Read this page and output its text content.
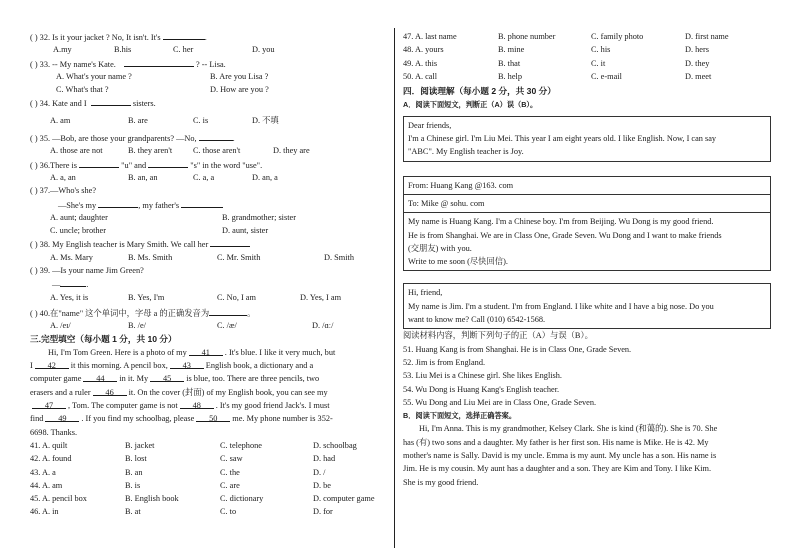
( ) 32. Is it your jacket ? No, It isn't. It's	.
A.my	B.his	C. her	D. you
( ) 33. -- My name's Kate.	? -- Lisa.
A. What's your name ?	B. Are you Lisa ?
C. What's that ?	D. How are you ?
( ) 34. Kate and I	sisters.
A. am	B. are	C. is	D. 不填
( ) 35. —Bob, are those your grandparents? —No,	.
A. those are not	B. they aren't	C. those aren't	D. they are
( ) 36.There is	"u" and	"s" in the word "use".
A. a, an	B. an, an	C. a, a	D. an, a
( ) 37.—Who's she?
—She's my	, my father's
A. aunt; daughter	B. grandmother; sister
C. uncle; brother	D. aunt, sister
( ) 38. My English teacher is Mary Smith. We call her
A. Ms. Mary	B. Ms. Smith	C. Mr. Smith	D. Smith
( ) 39. —Is your name Jim Green?
—	.
A. Yes, it is	B. Yes, I'm	C. No, I am	D. Yes, I am
( ) 40.在"name" 这个单词中，字母 a 的正确发音为	。
A. /eɪ/	B. /e/	C. /æ/	D. /ɑː/
三.完型填空（每小题 1 分，共 10 分）
Hi, I'm Tom Green. Here is a photo of my 41 . It's blue. I like it very much, but
I 42 it this morning. A pencil box, 43 English book, a dictionary and a
computer game 44 in it. My 45 is blue, too. There are three pencils, two
erasers and a ruler 46 it. On the cover (封面) of my English book, you can see my
47 , Tom. The computer game is not 48 . It's my good friend Jack's. I must
find 49 . If you find my schoolbag, please 50 me. My phone number is 352-
6698. Thanks.
41. A. quilt	B. jacket	C. telephone	D. schoolbag
42. A. found	B. lost	C. saw	D. had
43. A. a	B. an	C. the	D. /
44. A. am	B. is	C. are	D. be
45. A. pencil box	B. English book	C. dictionary	D. computer game
46. A. in	B. at	C. to	D. for
47. A. last name	B. phone number	C. family photo	D. first name
48. A. yours	B. mine	C. his	D. hers
49. A. this	B. that	C. it	D. they
50. A. call	B. help	C. e-mail	D. meet
四．阅读理解（每小题 2 分，共 30 分）
A．阅读下面短文，判断正（A）误（B）。
Dear friends,
I'm a Chinese girl. I'm Liu Mei. This year I am eight years old. I like English. Now, I can say
"ABC". My English teacher is Joy.
From: Huang Kang @163. com
To: Mike @ sohu. com
My name is Huang Kang. I'm a Chinese boy. I'm from Beijing. Wu Dong is my good friend.
He is from Shanghai. We are in Class One, Grade Seven. Wu Dong and I want to make friends
(交朋友) with you.
Write to me soon (尽快回信).
Hi, friend,
My name is Jim. I'm a student. I'm from England. I like white and I have a big nose. Do you
want to know me? Call (010) 6542-1568.
阅读材料内容，判断下列句子的正（A）与误（B）。
51. Huang Kang is from Shanghai. He is in Class One, Grade Seven.
52. Jim is from England.
53. Liu Mei is a Chinese girl. She likes English.
54. Wu Dong is Huang Kang's English teacher.
55. Wu Dong and Liu Mei are in Class One, Grade Seven.
B．阅读下面短文，选择正确答案。
Hi, I'm Anna. This is my grandmother, Kelsey Clark. She is kind (和蔼的). She is 70. She
has (有) two sons and a daughter. My father is her first son. His name is Mike. He is 42. My
mother's name is Sally. David is my uncle. Emma is my aunt. My uncle has a son. His name is
Jim. He is my cousin. My aunt has a daughter and a son. They are Kim and Tony. I like Kim.
She is my good friend.
